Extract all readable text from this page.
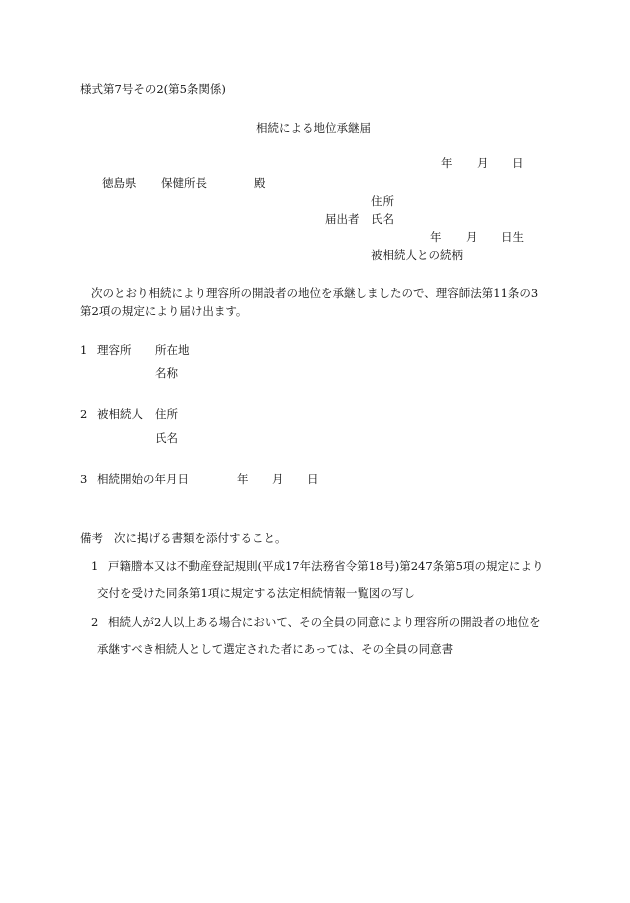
様式第7号その2(第5条関係)
相続による地位承継届
年 月 日
徳島県 保健所長	殿
住所
届出者 氏名
年 月 日生
被相続人との続柄
次のとおり相続により理容所の開設者の地位を承継しましたので、理容師法第11条の3
第2項の規定により届け出ます。
1 理容所 所在地
名称
2 被相続人 住所
氏名
3 相続開始の年月日	年 月 日
備考 次に掲げる書類を添付すること。
1 戸籍謄本又は不動産登記規則(平成17年法務省令第18号)第247条第5項の規定により
交付を受けた同条第1項に規定する法定相続情報一覧図の写し
2 相続人が2人以上ある場合において、その全員の同意により理容所の開設者の地位を
承継すべき相続人として選定された者にあっては、その全員の同意書
